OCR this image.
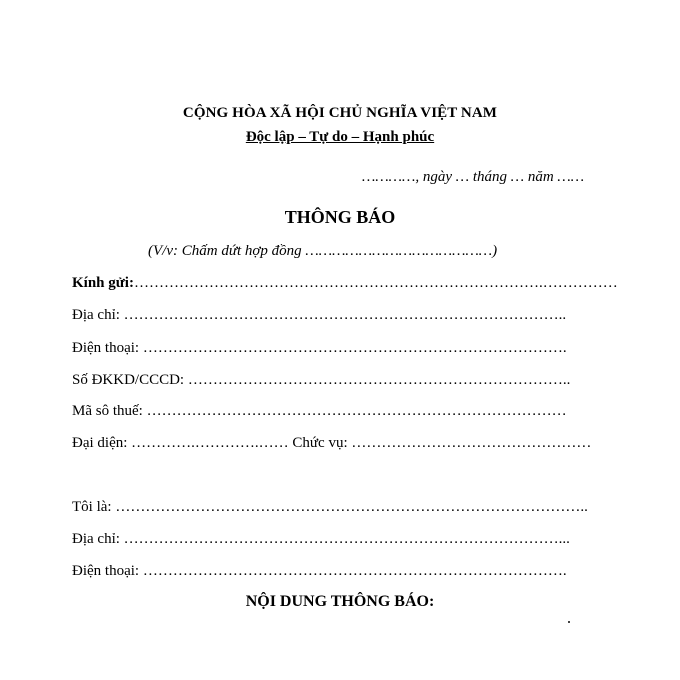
CỘNG HÒA XÃ HỘI CHỦ NGHĨA VIỆT NAM
Độc lập – Tự do – Hạnh phúc
…………, ngày … tháng … năm ……
THÔNG BÁO
(V/v: Chấm dứt hợp đồng ……………………………………)
Kính gửi:……………………………………………………………………….……………
Địa chỉ: ……………………………………………………………………………..
Điện thoại: ………………………………………………………………………….
Số ĐKKD/CCCD: …………………………………………………………………..
Mã sô thuế: …………………………………………………………………………
Đại diện: ………….………….…… Chức vụ: …………………………………………
Tôi là: …………………………………………………………………………………..
Địa chỉ: ……………………………………………………………………………...
Điện thoại: ………………………………………………………………………….
NỘI DUNG THÔNG BÁO:
